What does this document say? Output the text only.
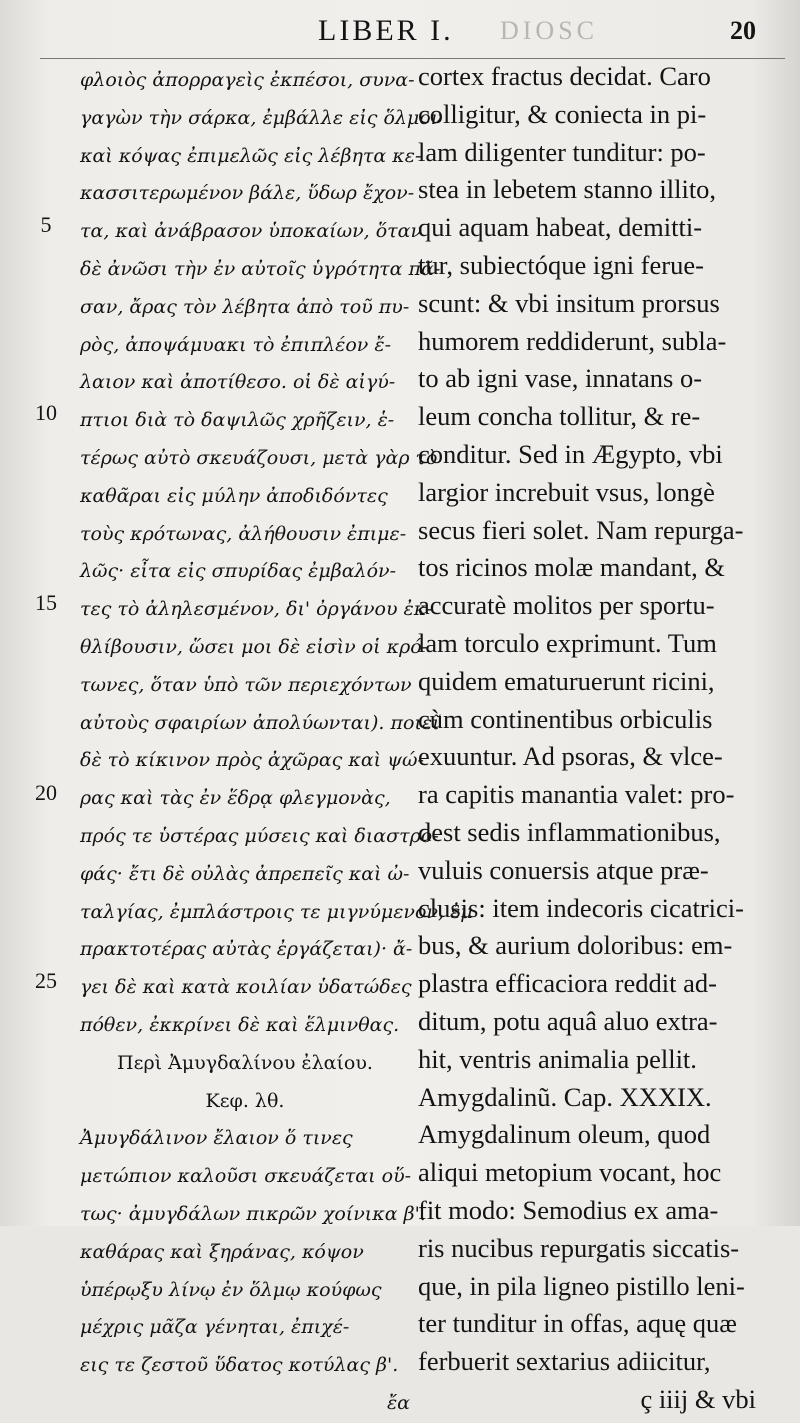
LIBER I. DIOSC	20
5
10
15
20
25
φλοιὸς ἀπορραγεὶς ἐκπέσοι, συνα-
γαγὼν τὴν σάρκα, ἐμβάλλε εἰς ὅλμον
καὶ κόψας ἐπιμελῶς εἰς λέβητα κε-
κασσιτερωμένον βάλε, ὕδωρ ἔχον-
τα, καὶ ἀνάβρασον ὑποκαίων, ὅταν
δὲ ἀνῶσι τὴν ἐν αὐτοῖς ὑγρότητα πᾶ-
σαν, ἄρας τὸν λέβητα ἀπὸ τοῦ πυ-
ρὸς, ἀποψάμυακι τὸ ἐπιπλέον ἔ-
λαιον καὶ ἀποτίθεσο. οἱ δὲ αἰγύ-
πτιοι διὰ τὸ δαψιλῶς χρῆζειν, ἑ-
τέρως αὐτὸ σκευάζουσι, μετὰ γὰρ τὸ
καθᾶραι εἰς μύλην ἀποδιδόντες
τοὺς κρότωνας, ἀλήθουσιν ἐπιμε-
λῶς· εἶτα εἰς σπυρίδας ἐμβαλόν-
τες τὸ ἀληλεσμένον, δι' ὀργάνου ἐκ-
θλίβουσιν, ὥσει μοι δὲ εἰσὶν οἱ κρό-
τωνες, ὅταν ὑπὸ τῶν περιεχόντων
αὐτοὺς σφαιρίων ἀπολύωνται). ποιεῖ
δὲ τὸ κίκινον πρὸς ἀχῶρας καὶ ψώ-
ρας καὶ τὰς ἐν ἕδρᾳ φλεγμονὰς,
πρός τε ὑστέρας μύσεις καὶ διαστρο-
φάς· ἔτι δὲ οὐλὰς ἀπρεπεῖς καὶ ὠ-
ταλγίας, ἐμπλάστροις τε μιγνύμενον, ἐμ
πρακτοτέρας αὐτὰς ἐργάζεται)· ἄ-
γει δὲ καὶ κατὰ κοιλίαν ὑδατώδες
πόθεν, ἐκκρίνει δὲ καὶ ἕλμινθας.
Περὶ Ἀμυγδαλίνου ἐλαίου.
Κεφ. λθ.
Ἀμυγδάλινον ἔλαιον ὅ τινες
μετώπιον καλοῦσι σκευάζεται οὕ-
τως· ἀμυγδάλων πικρῶν χοίνικα β'.
καθάρας καὶ ξηράνας, κόψον
ὑπέρῳξυ λίνῳ ἐν ὅλμῳ κούφως
μέχρις μᾶζα γένηται, ἐπιχέ-
εις τε ζεστοῦ ὕδατος κοτύλας β'.
ἔα
cortex fractus decidat. Caro
colligitur, & conіecta in pi-
lam diligenter tunditur: po-
stea in lebetem stanno illito,
qui aquam habeat, demitti-
tur, subiectóque igni ferue-
scunt: & vbi insitum prorsus
humorem reddiderunt, subla-
to ab igni vase, innatans o-
leum concha tollitur, & re-
conditur. Sed in Ægypto, vbi
largior increbuit vsus, longè
secus fieri solet. Nam repurga-
tos ricinos molæ mandant, &
accuratè molitos per sportu-
lam torculo exprimunt. Tum
quidem ematuruerunt ricini,
cùm continentibus orbiculis
exuuntur. Ad psoras, & vlce-
ra capitis manantia valet: pro-
dest sedis inflammationibus,
vuluis conuersis atque præ-
clusis: item indecoris cicatrici-
bus, & aurium doloribus: em-
plastra efficaciora reddit ad-
ditum, potu aquâ aluo extra-
hit, ventris animalia pellit.
Amygdalinũ. Cap. XXXIX.
Amygdalinum oleum, quod
aliqui metopium vocant, hoc
fit modo: Semodius ex ama-
ris nucibus repurgatis siccatis-
que, in pila ligneo pistillo leni-
ter tunditur in offas, aquę quæ
ferbuerit sextarius adiicitur,
ç iiij & vbi
